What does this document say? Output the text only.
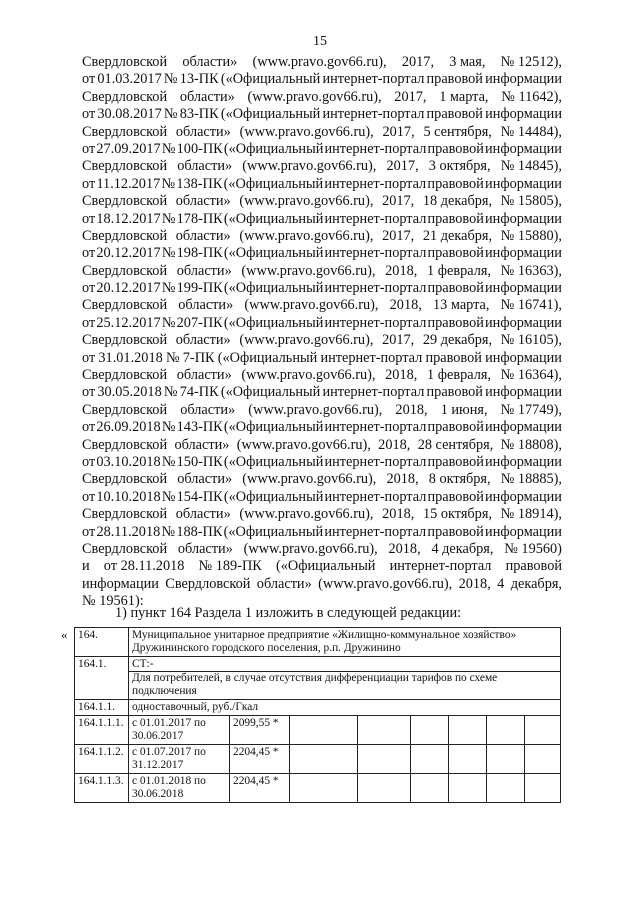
15
Свердловской области» (www.pravo.gov66.ru), 2017, 3 мая, № 12512),
от 01.03.2017 № 13-ПК («Официальный интернет-портал правовой информации
Свердловской области» (www.pravo.gov66.ru), 2017, 1 марта, № 11642),
от 30.08.2017 № 83-ПК («Официальный интернет-портал правовой информации
Свердловской области» (www.pravo.gov66.ru), 2017, 5 сентября, № 14484),
от 27.09.2017 № 100-ПК («Официальный интернет-портал правовой информации
Свердловской области» (www.pravo.gov66.ru), 2017, 3 октября, № 14845),
от 11.12.2017 № 138-ПК («Официальный интернет-портал правовой информации
Свердловской области» (www.pravo.gov66.ru), 2017, 18 декабря, № 15805),
от 18.12.2017 № 178-ПК («Официальный интернет-портал правовой информации
Свердловской области» (www.pravo.gov66.ru), 2017, 21 декабря, № 15880),
от 20.12.2017 № 198-ПК («Официальный интернет-портал правовой информации
Свердловской области» (www.pravo.gov66.ru), 2018, 1 февраля, № 16363),
от 20.12.2017 № 199-ПК («Официальный интернет-портал правовой информации
Свердловской области» (www.pravo.gov66.ru), 2018, 13 марта, № 16741),
от 25.12.2017 № 207-ПК («Официальный интернет-портал правовой информации
Свердловской области» (www.pravo.gov66.ru), 2017, 29 декабря, № 16105),
от 31.01.2018 № 7-ПК («Официальный интернет-портал правовой информации
Свердловской области» (www.pravo.gov66.ru), 2018, 1 февраля, № 16364),
от 30.05.2018 № 74-ПК («Официальный интернет-портал правовой информации
Свердловской области» (www.pravo.gov66.ru), 2018, 1 июня, № 17749),
от 26.09.2018 № 143-ПК («Официальный интернет-портал правовой информации
Свердловской области» (www.pravo.gov66.ru), 2018, 28 сентября, № 18808),
от 03.10.2018 № 150-ПК («Официальный интернет-портал правовой информации
Свердловской области» (www.pravo.gov66.ru), 2018, 8 октября, № 18885),
от 10.10.2018 № 154-ПК («Официальный интернет-портал правовой информации
Свердловской области» (www.pravo.gov66.ru), 2018, 15 октября, № 18914),
от 28.11.2018 № 188-ПК («Официальный интернет-портал правовой информации
Свердловской области» (www.pravo.gov66.ru), 2018, 4 декабря, № 19560)
и от 28.11.2018 № 189-ПК («Официальный интернет-портал правовой
информации Свердловской области» (www.pravo.gov66.ru), 2018, 4 декабря,
№ 19561):
1) пункт 164 Раздела 1 изложить в следующей редакции:
« 164.	Муниципальное унитарное предприятие «Жилищно-коммунальное хозяйство» Дружининского городского поселения, р.п. Дружинино							
164.1.	СТ:-
Для потребителей, в случае отсутствия дифференциации тарифов по схеме подключения							

164.1.1.	одноставочный, руб./Гкал							
164.1.1.1.	с 01.01.2017 по 30.06.2017	2099,55 *						
164.1.1.2.	с 01.07.2017 по 31.12.2017	2204,45 *						
164.1.1.3.	с 01.01.2018 по 30.06.2018	2204,45 *						
